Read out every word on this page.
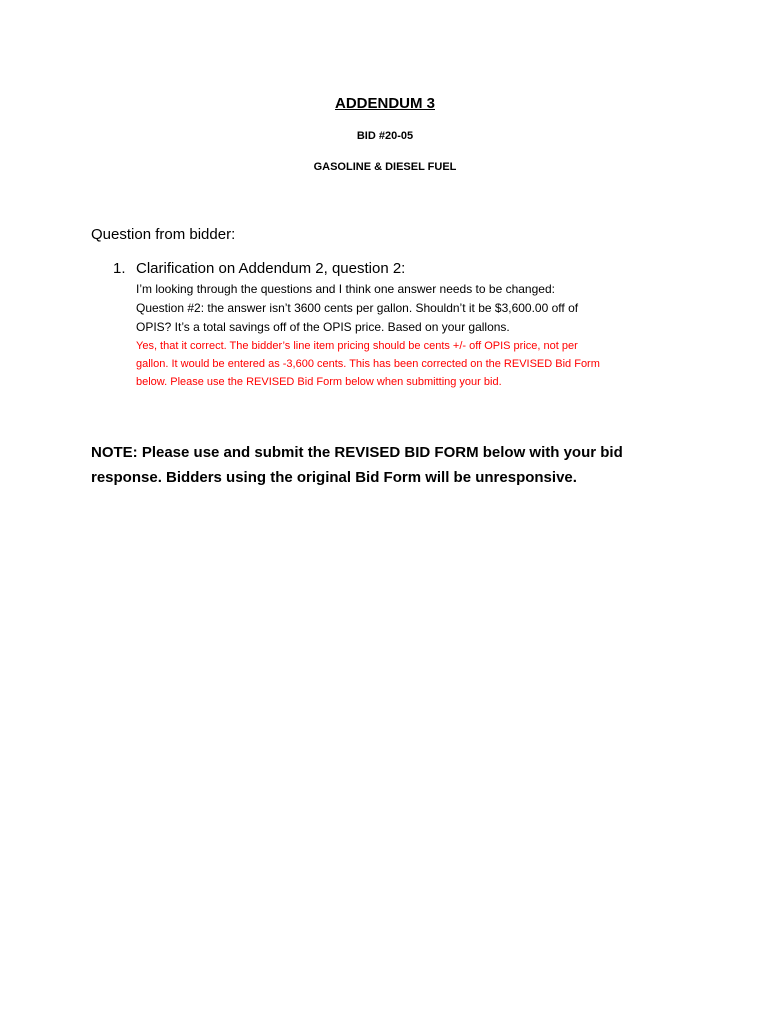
ADDENDUM 3
BID #20-05
GASOLINE & DIESEL FUEL
Question from bidder:
1. Clarification on Addendum 2, question 2:

I’m looking through the questions and I think one answer needs to be changed:

Question #2: the answer isn’t 3600 cents per gallon. Shouldn’t it be $3,600.00 off of

OPIS? It’s a total savings off of the OPIS price. Based on your gallons.

Yes, that it correct. The bidder’s line item pricing should be cents +/- off OPIS price, not per

gallon. It would be entered as -3,600 cents. This has been corrected on the REVISED Bid Form

below. Please use the REVISED Bid Form below when submitting your bid.

NOTE: Please use and submit the REVISED BID FORM below with your bid

response. Bidders using the original Bid Form will be unresponsive.
